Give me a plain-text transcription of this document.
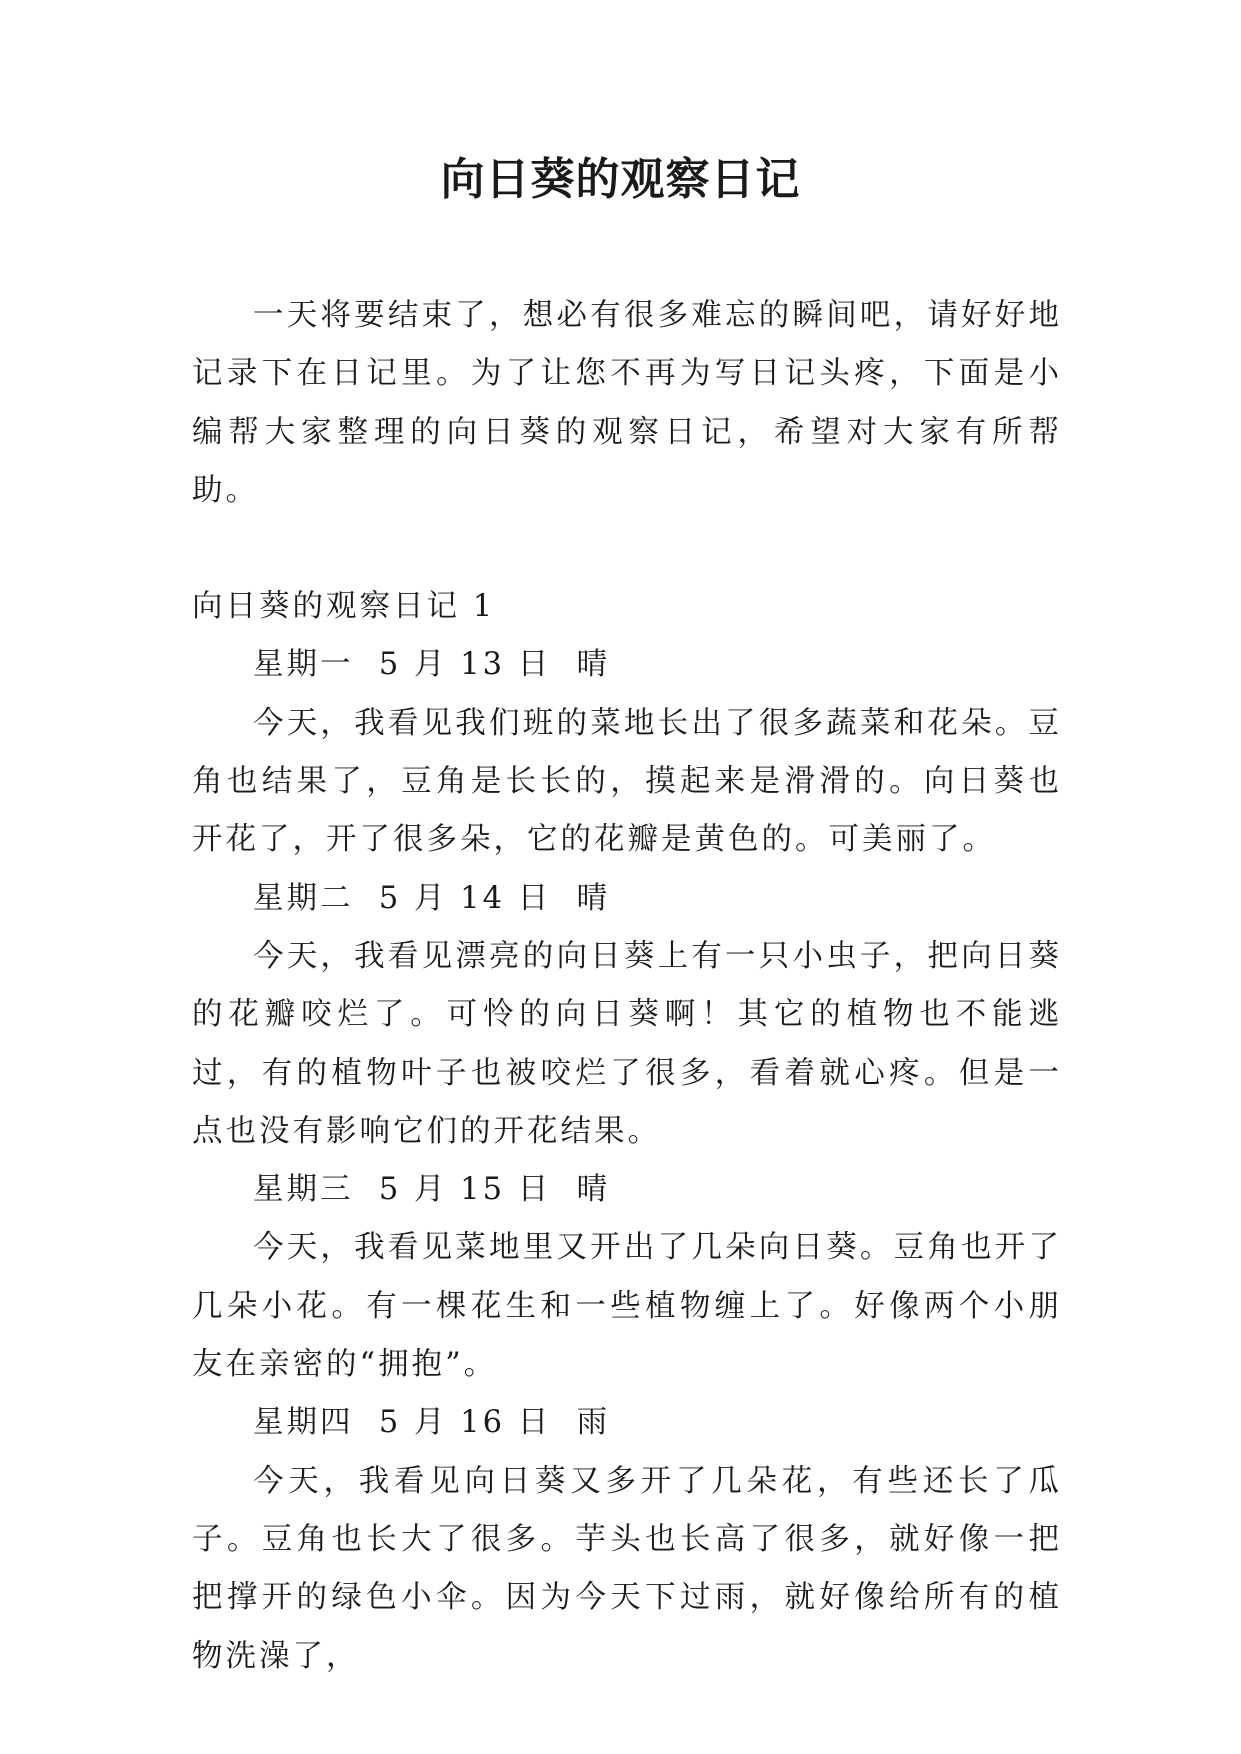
向日葵的观察日记

一天将要结束了，想必有很多难忘的瞬间吧，请好好地记录下在日记里。为了让您不再为写日记头疼，下面是小编帮大家整理的向日葵的观察日记，希望对大家有所帮助。

向日葵的观察日记 1

星期一  5 月 13 日  晴

今天，我看见我们班的菜地长出了很多蔬菜和花朵。豆角也结果了，豆角是长长的，摸起来是滑滑的。向日葵也开花了，开了很多朵，它的花瓣是黄色的。可美丽了。

星期二  5 月 14 日  晴

今天，我看见漂亮的向日葵上有一只小虫子，把向日葵的花瓣咬烂了。可怜的向日葵啊！其它的植物也不能逃过，有的植物叶子也被咬烂了很多，看着就心疼。但是一点也没有影响它们的开花结果。

星期三  5 月 15 日  晴

今天，我看见菜地里又开出了几朵向日葵。豆角也开了几朵小花。有一棵花生和一些植物缠上了。好像两个小朋友在亲密的“拥抱”。

星期四  5 月 16 日  雨

今天，我看见向日葵又多开了几朵花，有些还长了瓜子。豆角也长大了很多。芋头也长高了很多，就好像一把把撑开的绿色小伞。因为今天下过雨，就好像给所有的植物洗澡了，
